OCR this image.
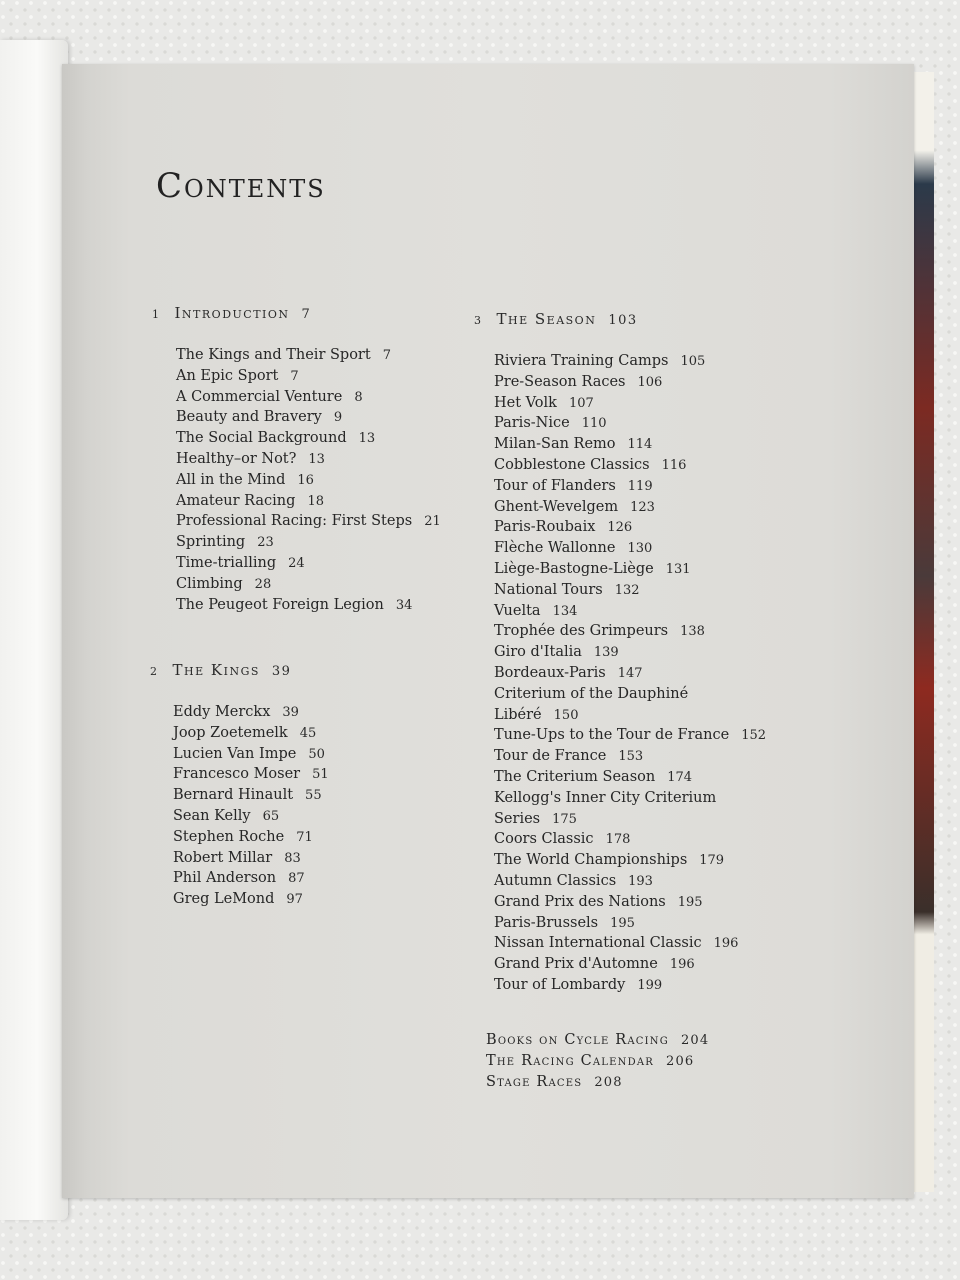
Contents
1 Introduction 7
The Kings and Their Sport 7
An Epic Sport 7
A Commercial Venture 8
Beauty and Bravery 9
The Social Background 13
Healthy–or Not? 13
All in the Mind 16
Amateur Racing 18
Professional Racing: First Steps 21
Sprinting 23
Time-trialling 24
Climbing 28
The Peugeot Foreign Legion 34
2 The Kings 39
Eddy Merckx 39
Joop Zoetemelk 45
Lucien Van Impe 50
Francesco Moser 51
Bernard Hinault 55
Sean Kelly 65
Stephen Roche 71
Robert Millar 83
Phil Anderson 87
Greg LeMond 97
3 The Season 103
Riviera Training Camps 105
Pre-Season Races 106
Het Volk 107
Paris-Nice 110
Milan-San Remo 114
Cobblestone Classics 116
Tour of Flanders 119
Ghent-Wevelgem 123
Paris-Roubaix 126
Flèche Wallonne 130
Liège-Bastogne-Liège 131
National Tours 132
Vuelta 134
Trophée des Grimpeurs 138
Giro d'Italia 139
Bordeaux-Paris 147
Criterium of the Dauphiné
Libéré 150
Tune-Ups to the Tour de France 152
Tour de France 153
The Criterium Season 174
Kellogg's Inner City Criterium
Series 175
Coors Classic 178
The World Championships 179
Autumn Classics 193
Grand Prix des Nations 195
Paris-Brussels 195
Nissan International Classic 196
Grand Prix d'Automne 196
Tour of Lombardy 199
Books on Cycle Racing 204
The Racing Calendar 206
Stage Races 208
